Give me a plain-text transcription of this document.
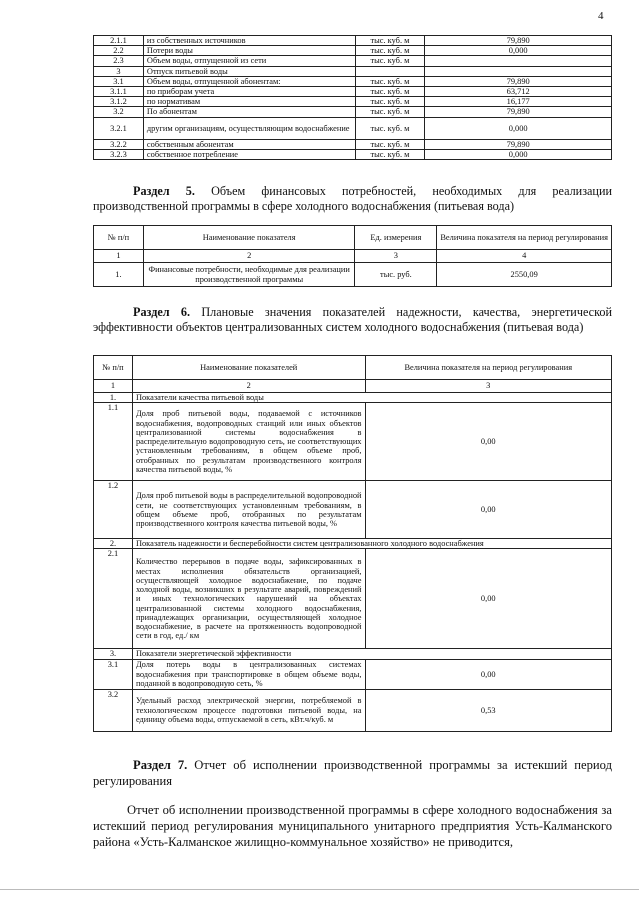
4
2.1.1	из собственных источников	тыс. куб. м	79,890
2.2	Потери воды	тыс. куб. м	0,000
2.3	Объем воды, отпущенной из сети	тыс. куб. м	
3	Отпуск питьевой воды		
3.1	Объем воды, отпущенной абонентам:	тыс. куб. м	79,890
3.1.1	по приборам учета	тыс. куб. м	63,712
3.1.2	по нормативам	тыс. куб. м	16,177
3.2	По абонентам	тыс. куб. м	79,890
3.2.1	другим организациям, осуществляющим водоснабжение	тыс. куб. м	0,000
3.2.2	собственным абонентам	тыс. куб. м	79,890
3.2.3	собственное потребление	тыс. куб. м	0,000
Раздел 5. Объем финансовых потребностей, необходимых для реализации производственной программы в сфере холодного водоснабжения (питьевая вода)
№ п/п	Наименование показателя	Ед. измерения	Величина показателя на период регулирования
1	2	3	4
1.	Финансовые потребности, необходимые для реализации производственной программы	тыс. руб.	2550,09
Раздел 6. Плановые значения показателей надежности, качества, энергетической эффективности объектов централизованных систем холодного водоснабжения (питьевая вода)
№ п/п	Наименование показателей	Величина показателя на период регулирования
1	2	3
1.	Показатели качества питьевой воды	
1.1	Доля проб питьевой воды, подаваемой с источников водоснабжения, водопроводных станций или иных объектов централизованной системы водоснабжения в распределительную водопроводную сеть, не соответствующих установленным требованиям, в общем объеме проб, отобранных по результатам производственного контроля качества питьевой воды, %	0,00
1.2	Доля проб питьевой воды в распределительной водопроводной сети, не соответствующих установленным требованиям, в общем объеме проб, отобранных по результатам производственного контроля качества питьевой воды, %	0,00
2.	Показатель надежности и бесперебойности систем централизованного холодного водоснабжения	
2.1	Количество перерывов в подаче воды, зафиксированных в местах исполнения обязательств организацией, осуществляющей холодное водоснабжение, по подаче холодной воды, возникших в результате аварий, повреждений и иных технологических нарушений на объектах централизованной системы холодного водоснабжения, принадлежащих организации, осуществляющей холодное водоснабжение, в расчете на протяженность водопроводной сети в год, ед./ км	0,00
3.	Показатели энергетической эффективности	
3.1	Доля потерь воды в централизованных системах водоснабжения при транспортировке в общем объеме воды, поданной в водопроводную сеть, %	0,00
3.2	Удельный расход электрической энергии, потребляемой в технологическом процессе подготовки питьевой воды, на единицу объема воды, отпускаемой в сеть, кВт.ч/куб. м	0,53
Раздел 7. Отчет об исполнении производственной программы за истекший период регулирования
Отчет об исполнении производственной программы в сфере холодного водоснабжения за истекший период регулирования муниципального унитарного предприятия Усть-Калманского района «Усть-Калманское жилищно-коммунальное хозяйство» не приводится,
